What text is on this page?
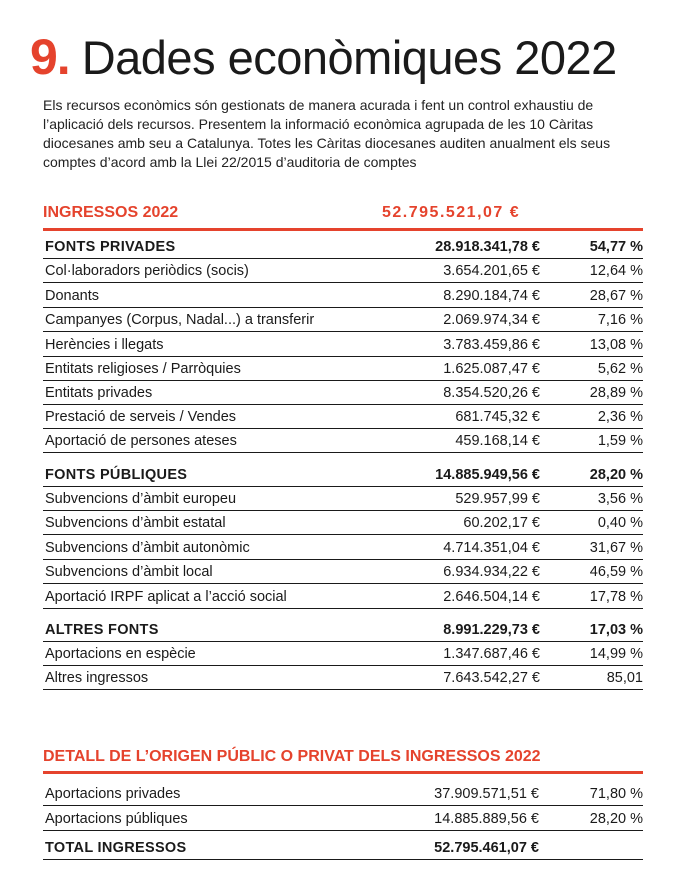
9. Dades econòmiques 2022
Els recursos econòmics són gestionats de manera acurada i fent un control exhaustiu de l’aplicació dels recursos. Presentem la informació econòmica agrupada de les 10 Càritas diocesanes amb seu a Catalunya. Totes les Càritas diocesanes auditen anualment els seus comptes d’acord amb la Llei 22/2015 d’auditoria de comptes
INGRESSOS 2022	52.795.521,07 €
FONTS PRIVADES	28.918.341,78 €	54,77 %
Col·laboradors periòdics (socis)	3.654.201,65 €	12,64 %
Donants	8.290.184,74 €	28,67 %
Campanyes (Corpus, Nadal...) a transferir	2.069.974,34 €	7,16 %
Herències i llegats	3.783.459,86 €	13,08 %
Entitats religioses / Parròquies	1.625.087,47 €	5,62 %
Entitats privades	8.354.520,26 €	28,89 %
Prestació de serveis / Vendes	681.745,32 €	2,36 %
Aportació de persones ateses	459.168,14 €	1,59 %
FONTS PÚBLIQUES	14.885.949,56 €	28,20 %
Subvencions d’àmbit europeu	529.957,99 €	3,56 %
Subvencions d’àmbit estatal	60.202,17 €	0,40 %
Subvencions d’àmbit autonòmic	4.714.351,04 €	31,67 %
Subvencions d’àmbit local	6.934.934,22 €	46,59 %
Aportació IRPF aplicat a l’acció social	2.646.504,14 €	17,78 %
ALTRES FONTS	8.991.229,73 €	17,03 %
Aportacions en espècie	1.347.687,46 €	14,99 %
Altres ingressos	7.643.542,27 €	85,01
DETALL DE L’ORIGEN PÚBLIC O PRIVAT DELS INGRESSOS 2022
Aportacions privades	37.909.571,51 €	71,80 %
Aportacions públiques	14.885.889,56 €	28,20 %
TOTAL INGRESSOS	52.795.461,07 €
